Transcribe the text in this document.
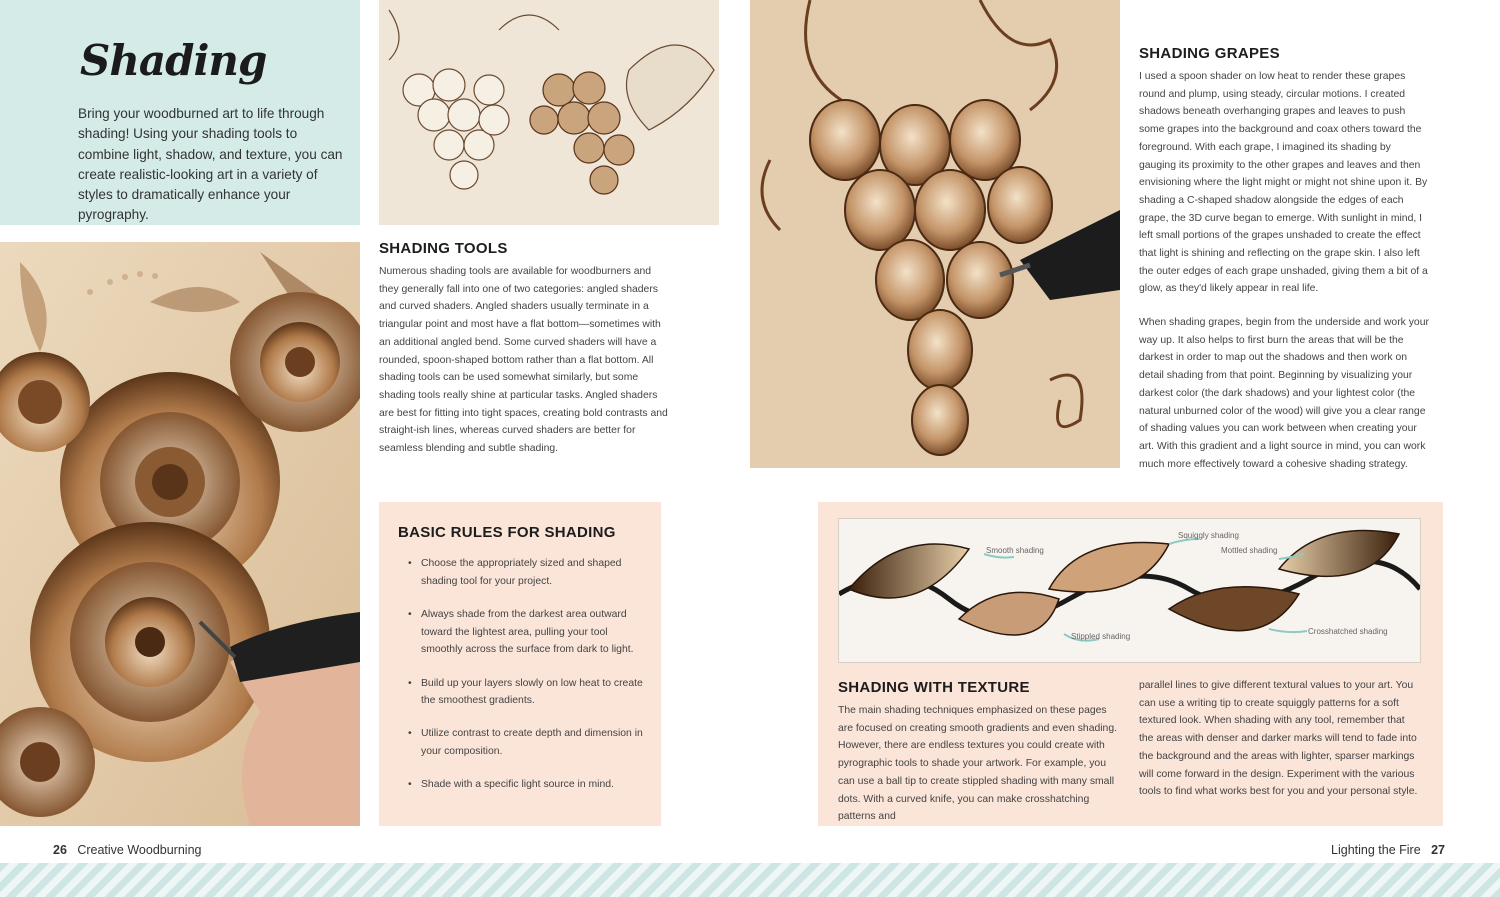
Shading
Bring your woodburned art to life through shading! Using your shading tools to combine light, shadow, and texture, you can create realistic-looking art in a variety of styles to dramatically enhance your pyrography.
SHADING TOOLS
Numerous shading tools are available for woodburners and they generally fall into one of two categories: angled shaders and curved shaders. Angled shaders usually terminate in a triangular point and most have a flat bottom—sometimes with an additional angled bend. Some curved shaders will have a rounded, spoon-shaped bottom rather than a flat bottom. All shading tools can be used somewhat similarly, but some shading tools really shine at particular tasks. Angled shaders are best for fitting into tight spaces, creating bold contrasts and straight-ish lines, whereas curved shaders are better for seamless blending and subtle shading.
SHADING GRAPES
I used a spoon shader on low heat to render these grapes round and plump, using steady, circular motions. I created shadows beneath overhanging grapes and leaves to push some grapes into the background and coax others toward the foreground. With each grape, I imagined its shading by gauging its proximity to the other grapes and leaves and then envisioning where the light might or might not shine upon it. By shading a C-shaped shadow alongside the edges of each grape, the 3D curve began to emerge. With sunlight in mind, I left small portions of the grapes unshaded to create the effect that light is shining and reflecting on the grape skin. I also left the outer edges of each grape unshaded, giving them a bit of a glow, as they'd likely appear in real life.
When shading grapes, begin from the underside and work your way up. It also helps to first burn the areas that will be the darkest in order to map out the shadows and then work on detail shading from that point. Beginning by visualizing your darkest color (the dark shadows) and your lightest color (the natural unburned color of the wood) will give you a clear range of shading values you can work between when creating your art. With this gradient and a light source in mind, you can work much more effectively toward a cohesive shading strategy.
BASIC RULES FOR SHADING
• Choose the appropriately sized and shaped shading tool for your project.
• Always shade from the darkest area outward toward the lightest area, pulling your tool smoothly across the surface from dark to light.
• Build up your layers slowly on low heat to create the smoothest gradients.
• Utilize contrast to create depth and dimension in your composition.
• Shade with a specific light source in mind.
Smooth shading
Squiggly shading
Mottled shading
Stippled shading
Crosshatched shading
SHADING WITH TEXTURE
The main shading techniques emphasized on these pages are focused on creating smooth gradients and even shading. However, there are endless textures you could create with pyrographic tools to shade your artwork. For example, you can use a ball tip to create stippled shading with many small dots. With a curved knife, you can make crosshatching patterns and
parallel lines to give different textural values to your art. You can use a writing tip to create squiggly patterns for a soft textured look. When shading with any tool, remember that the areas with denser and darker marks will tend to fade into the background and the areas with lighter, sparser markings will come forward in the design. Experiment with the various tools to find what works best for you and your personal style.
26 Creative Woodburning	Lighting the Fire 27
